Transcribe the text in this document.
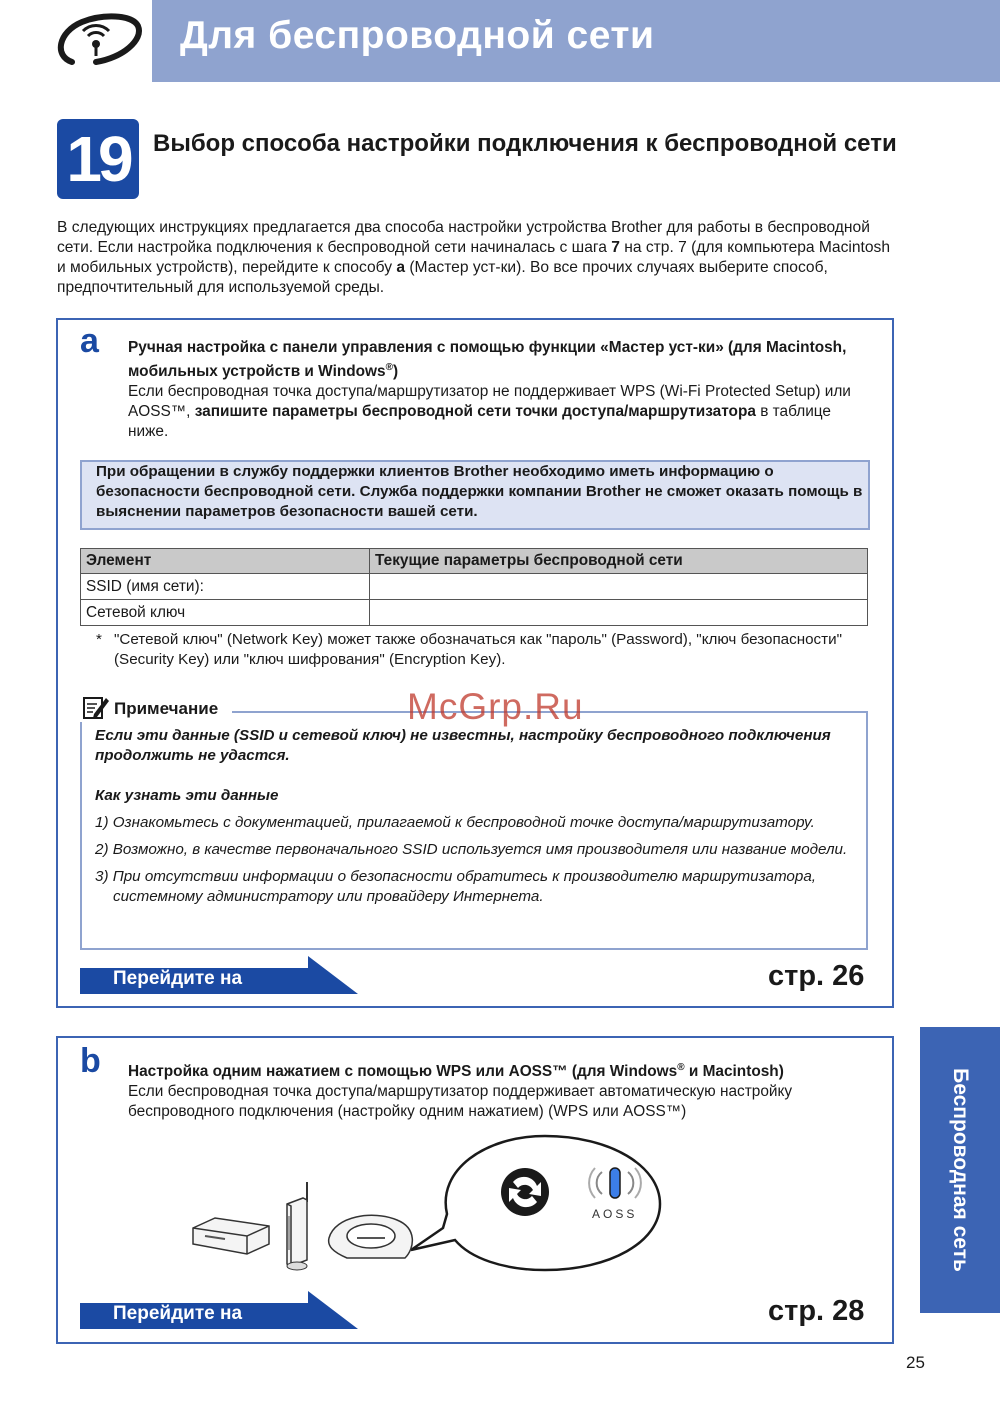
Для беспроводной сети
19 Выбор способа настройки подключения к беспроводной сети
В следующих инструкциях предлагается два способа настройки устройства Brother для работы в беспроводной сети. Если настройка подключения к беспроводной сети начиналась с шага 7 на стр. 7 (для компьютера Macintosh и мобильных устройств), перейдите к способу a (Мастер уст-ки). Во все прочих случаях выберите способ, предпочтительный для используемой среды.
a Ручная настройка с панели управления с помощью функции «Мастер уст-ки» (для Macintosh, мобильных устройств и Windows®)
Если беспроводная точка доступа/маршрутизатор не поддерживает WPS (Wi-Fi Protected Setup) или AOSS™, запишите параметры беспроводной сети точки доступа/маршрутизатора в таблице ниже.
При обращении в службу поддержки клиентов Brother необходимо иметь информацию о безопасности беспроводной сети. Служба поддержки компании Brother не сможет оказать помощь в выяснении параметров безопасности вашей сети.
Элемент	Текущие параметры беспроводной сети
SSID (имя сети):	
Сетевой ключ	
* "Сетевой ключ" (Network Key) может также обозначаться как "пароль" (Password), "ключ безопасности" (Security Key) или "ключ шифрования" (Encryption Key).
Примечание

Если эти данные (SSID и сетевой ключ) не известны, настройку беспроводного подключения продолжить не удастся.

Как узнать эти данные

1) Ознакомьтесь с документацией, прилагаемой к беспроводной точке доступа/маршрутизатору.

2) Возможно, в качестве первоначального SSID используется имя производителя или название модели.

3) При отсутствии информации о безопасности обратитесь к производителю маршрутизатора, системному администратору или провайдеру Интернета.

Перейдите на	стр. 26
b Настройка одним нажатием с помощью WPS или AOSS™ (для Windows® и Macintosh)
Если беспроводная точка доступа/маршрутизатор поддерживает автоматическую настройку беспроводного подключения (настройку одним нажатием) (WPS или AOSS™)
AOSS
Перейдите на	стр. 28
Беспроводная сеть
25
McGrp.Ru
